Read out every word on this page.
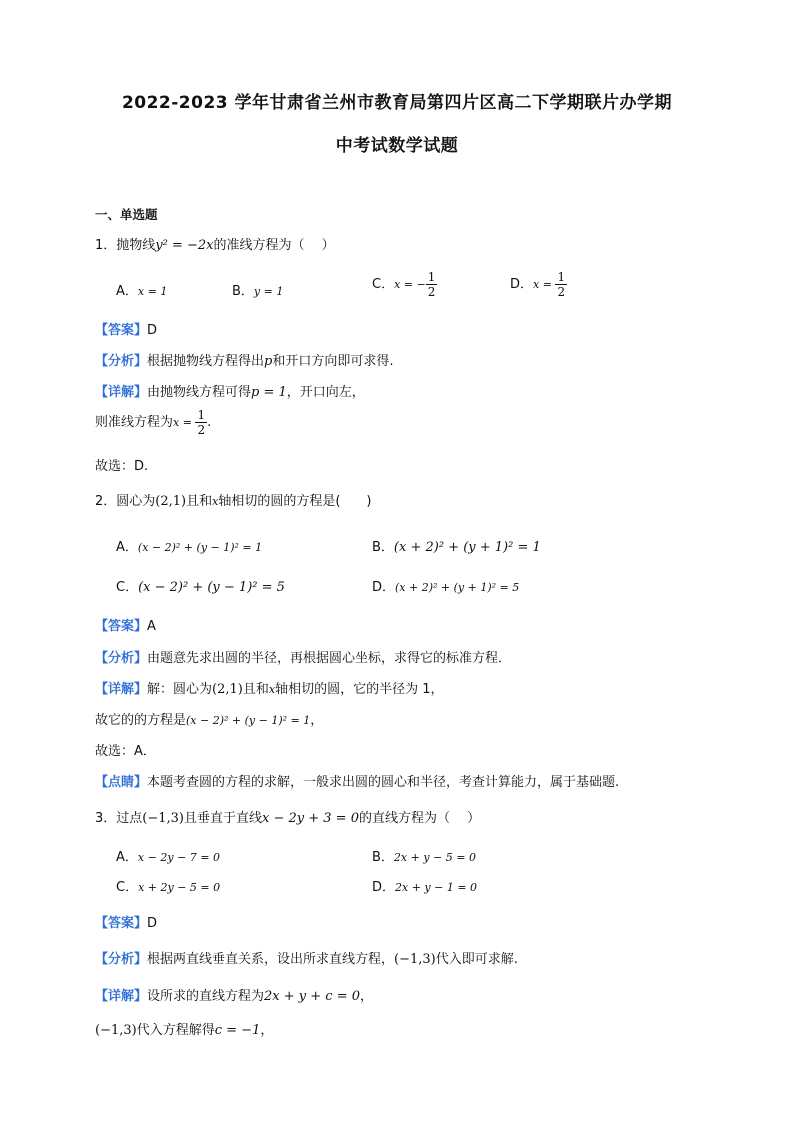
2022-2023 学年甘肃省兰州市教育局第四片区高二下学期联片办学期
中考试数学试题
一、单选题
1．抛物线y² = −2x的准线方程为（　 ）
A．x = 1	B．y = 1	C．x = − $\frac{1}{2}$	D．$x = \frac{1}{2}$
【答案】D
【分析】根据抛物线方程得出p和开口方向即可求得.
【详解】由抛物线方程可得p = 1，开口向左，
则准线方程为$x = \frac{1}{2}$ .
故选：D.
2．圆心为(2,1)且和x轴相切的圆的方程是(　　)
A．(x − 2)² + (y − 1)² = 1	B．(x + 2)² + (y + 1)² = 1
C．(x − 2)² + (y − 1)² = 5	D．(x + 2)² + (y + 1)² = 5
【答案】A
【分析】由题意先求出圆的半径，再根据圆心坐标，求得它的标准方程．
【详解】解：圆心为(2,1)且和x轴相切的圆，它的半径为 1，
故它的的方程是(x − 2)² + (y − 1)² = 1，
故选：A．
【点睛】本题考查圆的方程的求解，一般求出圆的圆心和半径，考查计算能力，属于基础题.
3．过点(−1,3)且垂直于直线x − 2y + 3 = 0的直线方程为（　 ）
A．x − 2y − 7 = 0	B．2x + y − 5 = 0
C．x + 2y − 5 = 0	D．2x + y − 1 = 0
【答案】D
【分析】根据两直线垂直关系，设出所求直线方程，(−1,3)代入即可求解.
【详解】设所求的直线方程为2x + y + c = 0，
(−1,3)代入方程解得c = −1，
